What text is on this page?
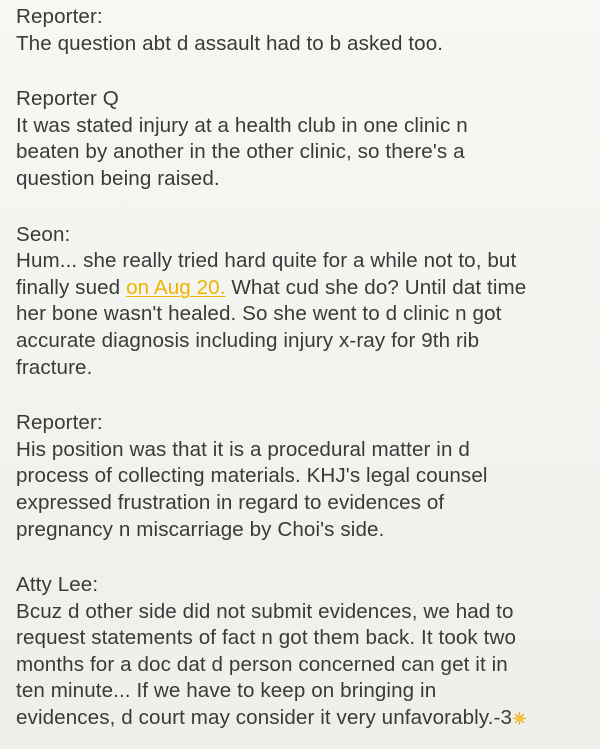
Reporter:
The question abt d assault had to b asked too.
Reporter Q
It was stated injury at a health club in one clinic n
beaten by another in the other clinic, so there's a
question being raised.
Seon:
Hum... she really tried hard quite for a while not to, but
finally sued on Aug 20. What cud she do? Until dat time
her bone wasn't healed. So she went to d clinic n got
accurate diagnosis including injury x-ray for 9th rib
fracture.
Reporter:
His position was that it is a procedural matter in d
process of collecting materials. KHJ's legal counsel
expressed frustration in regard to evidences of
pregnancy n miscarriage by Choi's side.
Atty Lee:
Bcuz d other side did not submit evidences, we had to
request statements of fact n got them back. It took two
months for a doc dat d person concerned can get it in
ten minute... If we have to keep on bringing in
evidences, d court may consider it very unfavorably.-3
